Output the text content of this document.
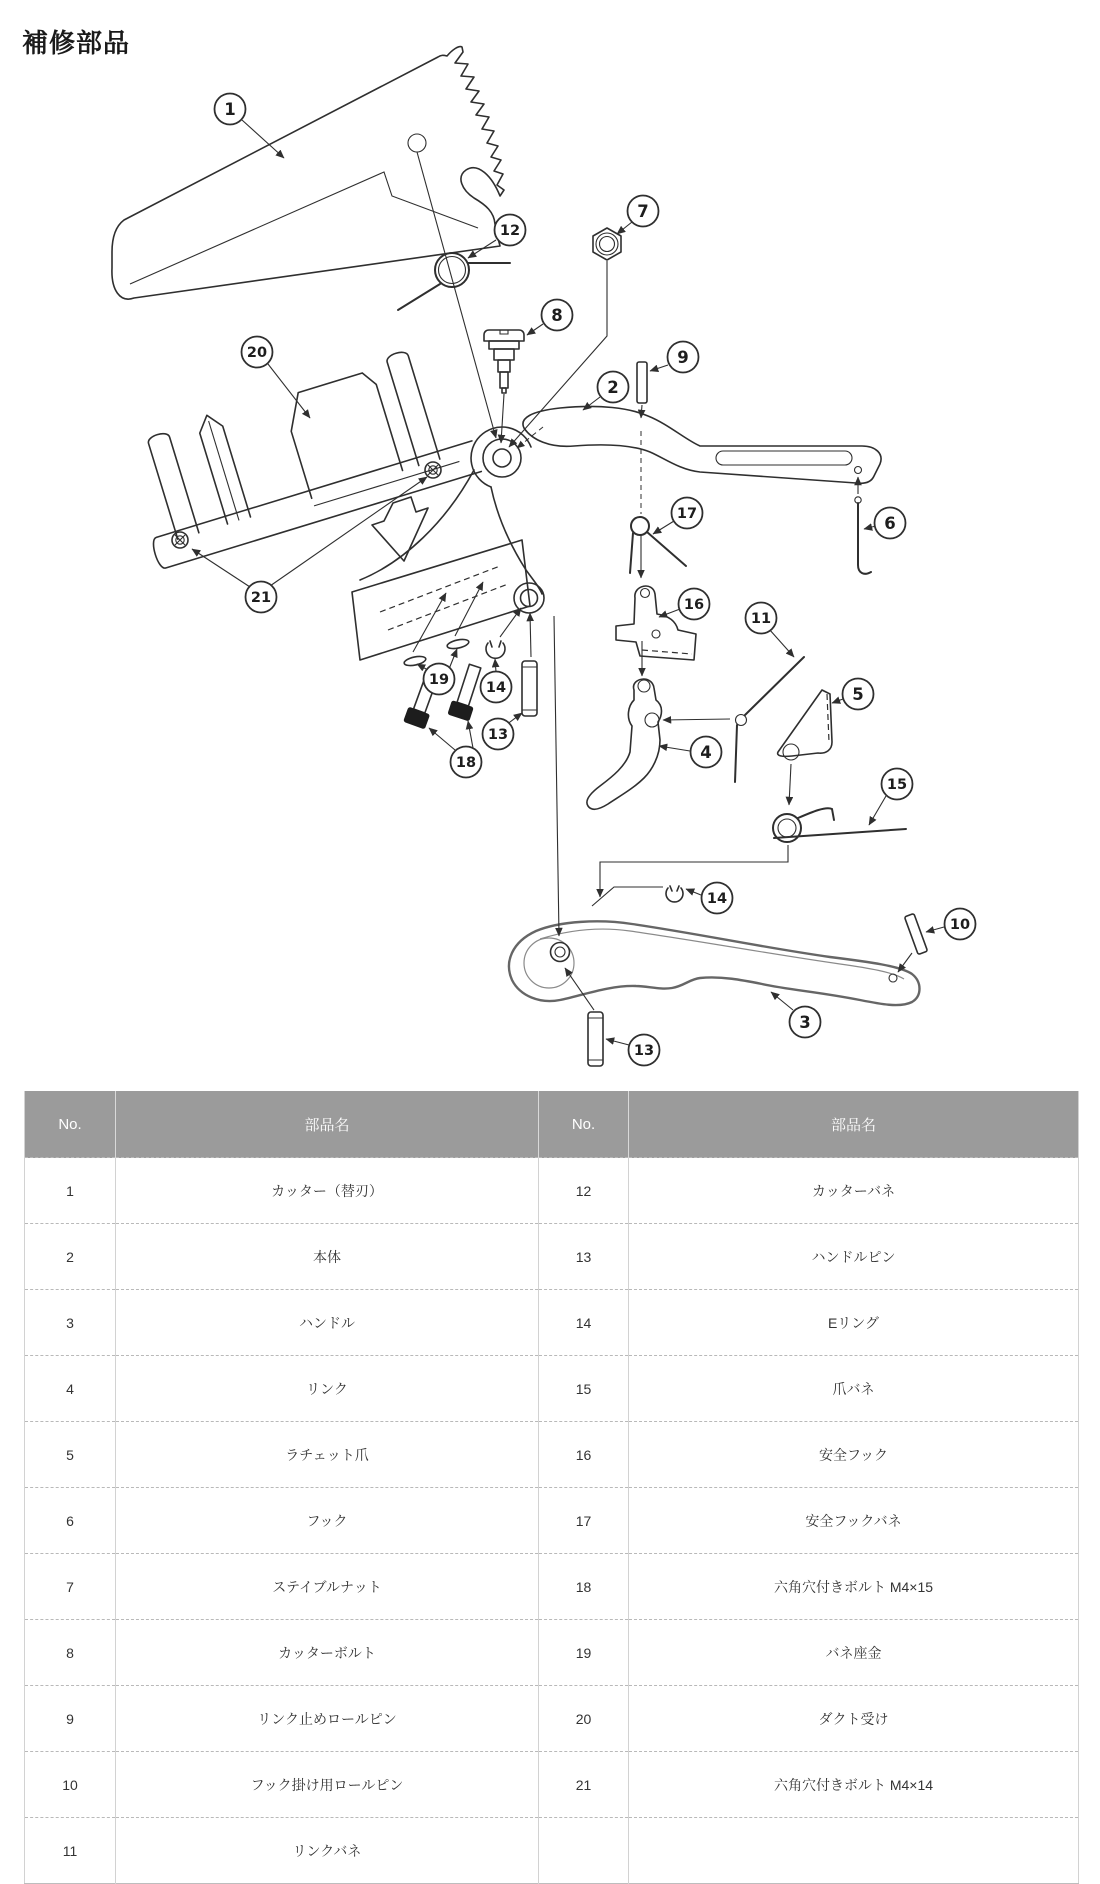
補修部品
1
12
7
8
20	9
2
17	6
21	16
11
19	14
13
4
18
5
15
14
10
3
13
No.	部品名	No.	部品名
1	カッター（替刃）	12	カッターバネ
2	本体	13	ハンドルピン
3	ハンドル	14	Eリング
4	リンク	15	爪バネ
5	ラチェット爪	16	安全フック
6	フック	17	安全フックバネ
7	ステイブルナット	18	六角穴付きボルト M4×15
8	カッターボルト	19	バネ座金
9	リンク止めロールピン	20	ダクト受け
10	フック掛け用ロールピン	21	六角穴付きボルト M4×14
11	リンクバネ		
